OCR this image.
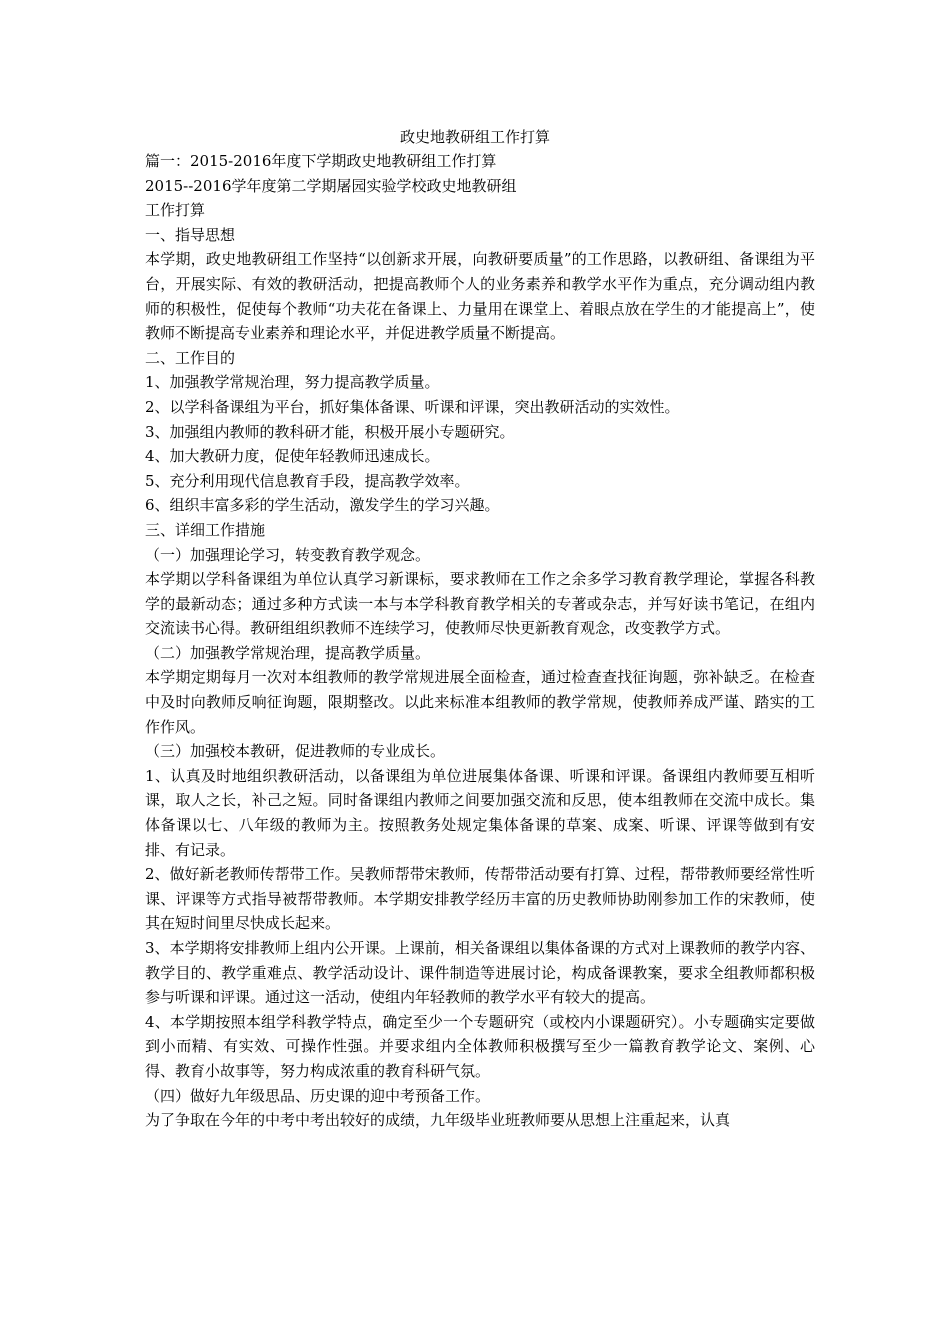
政史地教研组工作打算

篇一：2015-2016年度下学期政史地教研组工作打算

2015--2016学年度第二学期屠园实验学校政史地教研组

工作打算

一、指导思想

本学期，政史地教研组工作坚持“以创新求开展，向教研要质量”的工作思路，以教研组、备课组为平台，开展实际、有效的教研活动，把提高教师个人的业务素养和教学水平作为重点，充分调动组内教师的积极性，促使每个教师“功夫花在备课上、力量用在课堂上、着眼点放在学生的才能提高上”，使教师不断提高专业素养和理论水平，并促进教学质量不断提高。

二、工作目的

1、加强教学常规治理，努力提高教学质量。

2、以学科备课组为平台，抓好集体备课、听课和评课，突出教研活动的实效性。

3、加强组内教师的教科研才能，积极开展小专题研究。

4、加大教研力度，促使年轻教师迅速成长。

5、充分利用现代信息教育手段，提高教学效率。

6、组织丰富多彩的学生活动，激发学生的学习兴趣。

三、详细工作措施

（一）加强理论学习，转变教育教学观念。

本学期以学科备课组为单位认真学习新课标，要求教师在工作之余多学习教育教学理论，掌握各科教学的最新动态；通过多种方式读一本与本学科教育教学相关的专著或杂志，并写好读书笔记，在组内交流读书心得。教研组组织教师不连续学习，使教师尽快更新教育观念，改变教学方式。

（二）加强教学常规治理，提高教学质量。

本学期定期每月一次对本组教师的教学常规进展全面检查，通过检查查找征询题，弥补缺乏。在检查中及时向教师反响征询题，限期整改。以此来标准本组教师的教学常规，使教师养成严谨、踏实的工作作风。

（三）加强校本教研，促进教师的专业成长。

1、认真及时地组织教研活动，以备课组为单位进展集体备课、听课和评课。备课组内教师要互相听课，取人之长，补己之短。同时备课组内教师之间要加强交流和反思，使本组教师在交流中成长。集体备课以七、八年级的教师为主。按照教务处规定集体备课的草案、成案、听课、评课等做到有安排、有记录。

2、做好新老教师传帮带工作。吴教师帮带宋教师，传帮带活动要有打算、过程，帮带教师要经常性听课、评课等方式指导被帮带教师。本学期安排教学经历丰富的历史教师协助刚参加工作的宋教师，使其在短时间里尽快成长起来。

3、本学期将安排教师上组内公开课。上课前，相关备课组以集体备课的方式对上课教师的教学内容、教学目的、教学重难点、教学活动设计、课件制造等进展讨论，构成备课教案，要求全组教师都积极参与听课和评课。通过这一活动，使组内年轻教师的教学水平有较大的提高。

4、本学期按照本组学科教学特点，确定至少一个专题研究（或校内小课题研究）。小专题确实定要做到小而精、有实效、可操作性强。并要求组内全体教师积极撰写至少一篇教育教学论文、案例、心得、教育小故事等，努力构成浓重的教育科研气氛。

（四）做好九年级思品、历史课的迎中考预备工作。

为了争取在今年的中考中考出较好的成绩，九年级毕业班教师要从思想上注重起来，认真
